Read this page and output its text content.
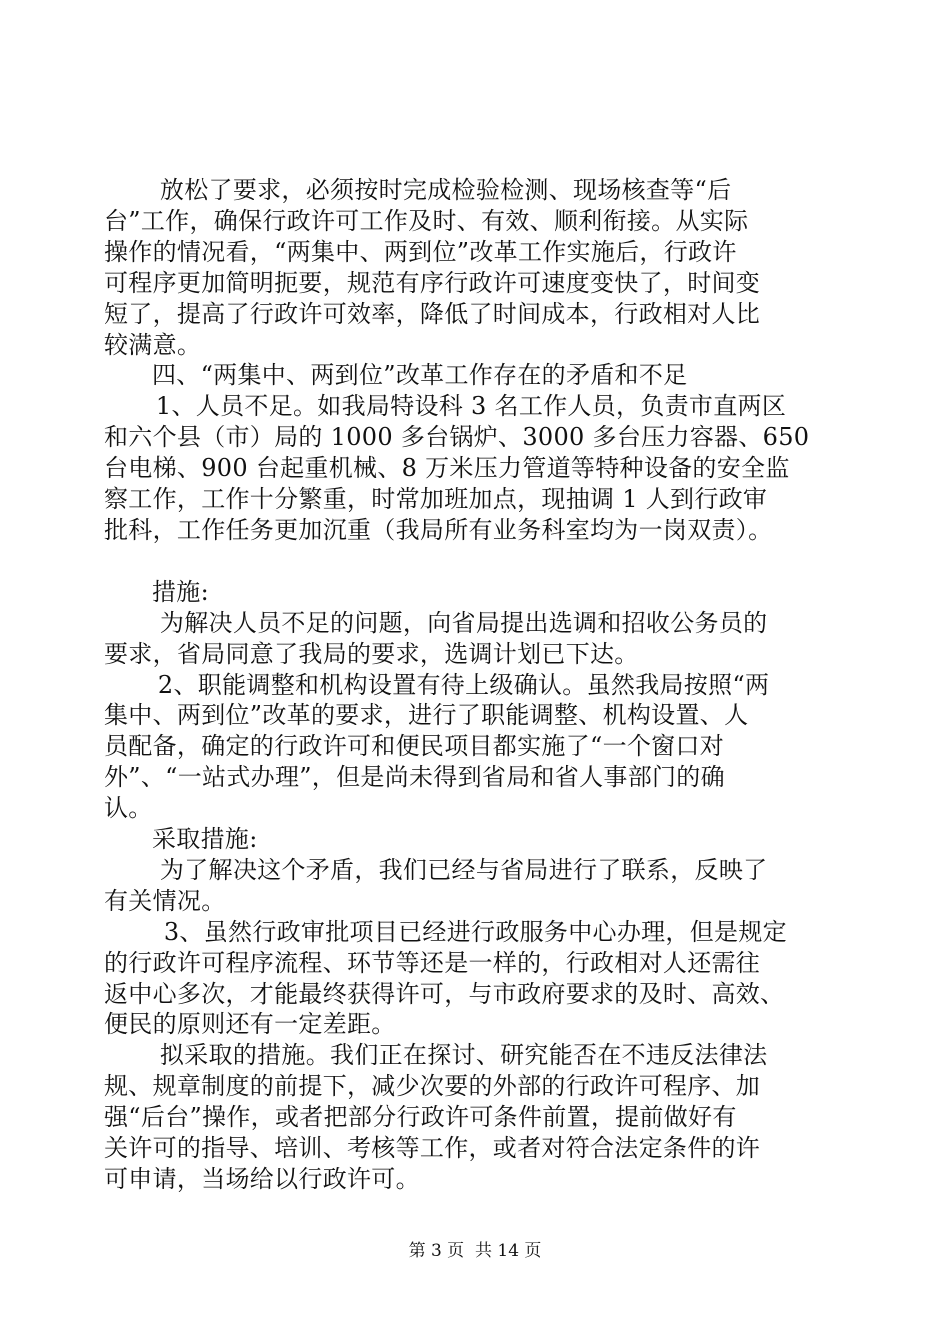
放松了要求，必须按时完成检验检测、现场核查等“后
台”工作，确保行政许可工作及时、有效、顺利衔接。从实际
操作的情况看，“两集中、两到位”改革工作实施后，行政许
可程序更加简明扼要，规范有序行政许可速度变快了，时间变
短了，提高了行政许可效率，降低了时间成本，行政相对人比
较满意。
四、“两集中、两到位”改革工作存在的矛盾和不足
1、人员不足。如我局特设科 3 名工作人员，负责市直两区
和六个县（市）局的 1000 多台锅炉、3000 多台压力容器、650
台电梯、900 台起重机械、8 万米压力管道等特种设备的安全监
察工作，工作十分繁重，时常加班加点，现抽调 1 人到行政审
批科，工作任务更加沉重（我局所有业务科室均为一岗双责）。
措施:
为解决人员不足的问题，向省局提出选调和招收公务员的
要求，省局同意了我局的要求，选调计划已下达。
2、职能调整和机构设置有待上级确认。虽然我局按照“两
集中、两到位”改革的要求，进行了职能调整、机构设置、人
员配备，确定的行政许可和便民项目都实施了“一个窗口对
外”、“一站式办理”，但是尚未得到省局和省人事部门的确
认。
采取措施:
为了解决这个矛盾，我们已经与省局进行了联系，反映了
有关情况。
3、虽然行政审批项目已经进行政服务中心办理，但是规定
的行政许可程序流程、环节等还是一样的，行政相对人还需往
返中心多次，才能最终获得许可，与市政府要求的及时、高效、
便民的原则还有一定差距。
拟采取的措施。我们正在探讨、研究能否在不违反法律法
规、规章制度的前提下，减少次要的外部的行政许可程序、加
强“后台”操作，或者把部分行政许可条件前置，提前做好有
关许可的指导、培训、考核等工作，或者对符合法定条件的许
可申请，当场给以行政许可。
第 3 页  共 14 页
